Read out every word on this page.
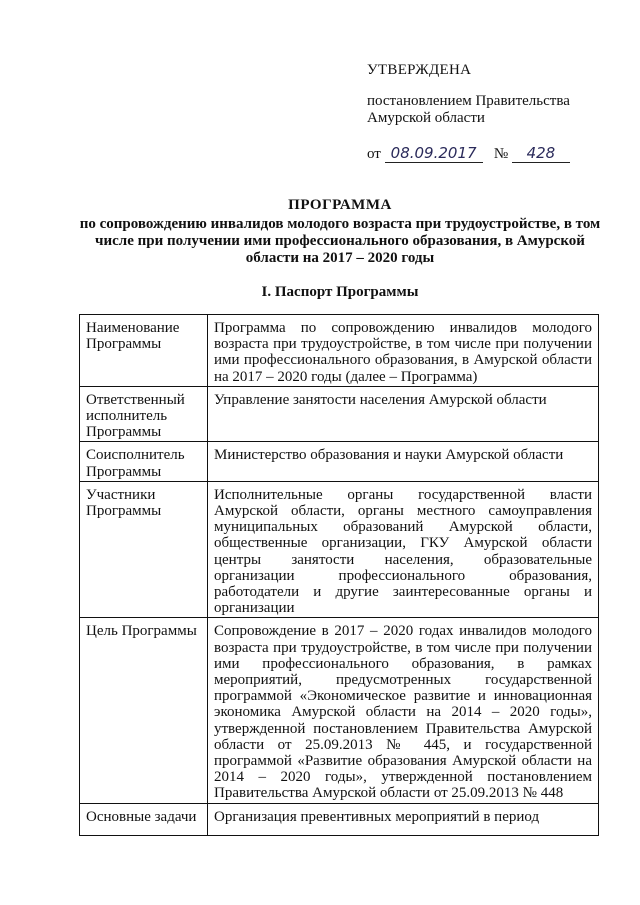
УТВЕРЖДЕНА
постановлением Правительства
Амурской области
от 08.09.2017 № 428
ПРОГРАММА
по сопровождению инвалидов молодого возраста при трудоустройстве, в том числе при получении ими профессионального образования, в Амурской области на 2017 – 2020 годы
I. Паспорт Программы
Наименование Программы	Программа по сопровождению инвалидов молодого возраста при трудоустройстве, в том числе при получении ими профессионального образования, в Амурской области на 2017 – 2020 годы (далее – Программа)
Ответственный исполнитель Программы	Управление занятости населения Амурской области
Соисполнитель Программы	Министерство образования и науки Амурской области
Участники Программы	Исполнительные органы государственной власти Амурской области, органы местного самоуправления муниципальных образований Амурской области, общественные организации, ГКУ Амурской области центры занятости населения, образовательные организации профессионального образования, работодатели и другие заинтересованные органы и организации
Цель Программы	Сопровождение в 2017 – 2020 годах инвалидов молодого возраста при трудоустройстве, в том числе при получении ими профессионального образования, в рамках мероприятий, предусмотренных государственной программой «Экономическое развитие и инновационная экономика Амурской области на 2014 – 2020 годы», утвержденной постановлением Правительства Амурской области от 25.09.2013 № 445, и государственной программой «Развитие образования Амурской области на 2014 – 2020 годы», утвержденной постановлением Правительства Амурской области от 25.09.2013 № 448
Основные задачи	Организация превентивных мероприятий в период
